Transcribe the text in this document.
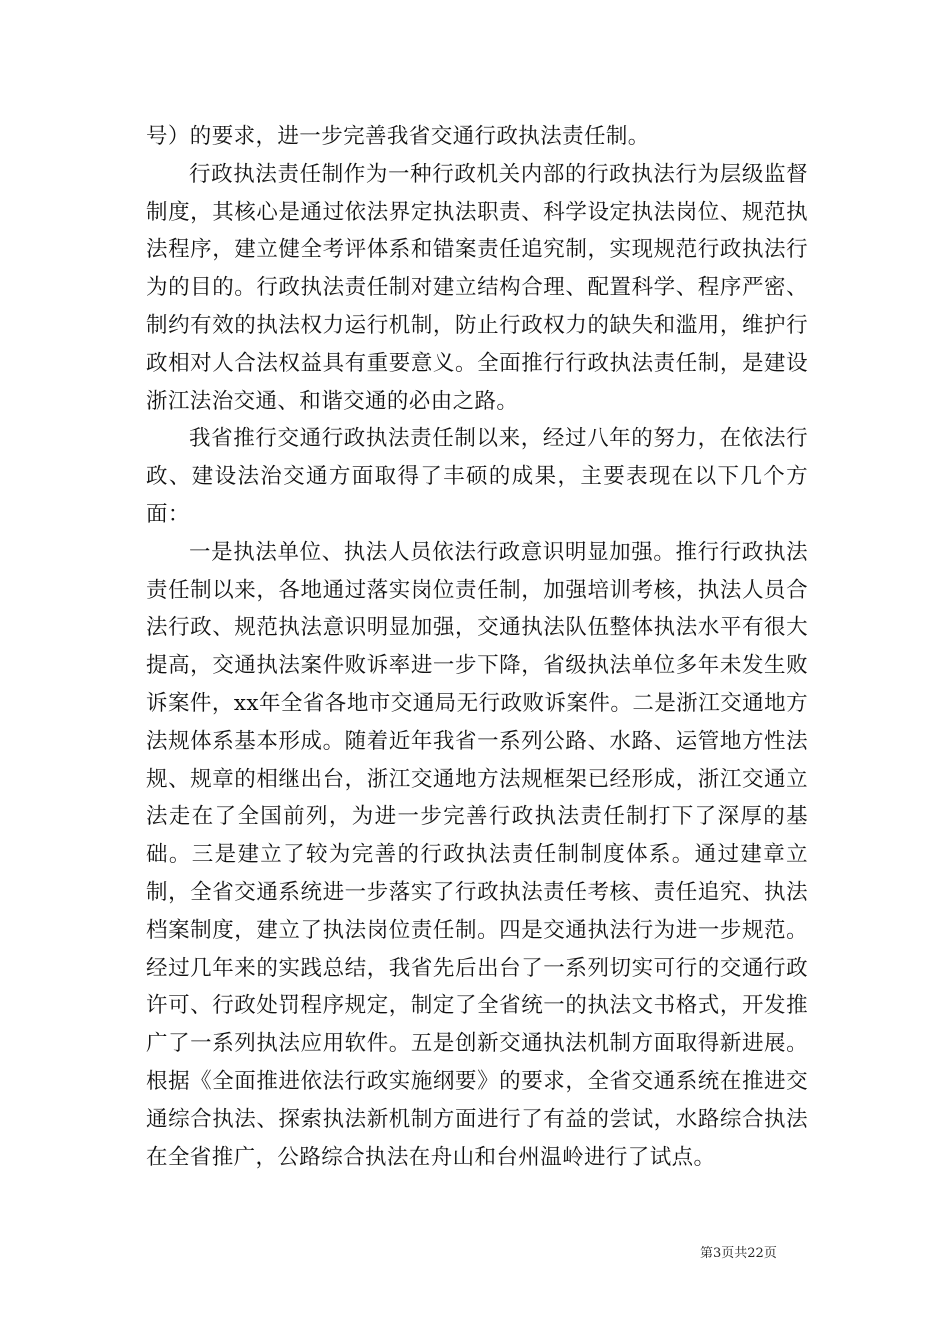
号）的要求，进一步完善我省交通行政执法责任制。

行政执法责任制作为一种行政机关内部的行政执法行为层级监督制度，其核心是通过依法界定执法职责、科学设定执法岗位、规范执法程序，建立健全考评体系和错案责任追究制，实现规范行政执法行为的目的。行政执法责任制对建立结构合理、配置科学、程序严密、制约有效的执法权力运行机制，防止行政权力的缺失和滥用，维护行政相对人合法权益具有重要意义。全面推行行政执法责任制，是建设浙江法治交通、和谐交通的必由之路。

我省推行交通行政执法责任制以来，经过八年的努力，在依法行政、建设法治交通方面取得了丰硕的成果，主要表现在以下几个方面：

一是执法单位、执法人员依法行政意识明显加强。推行行政执法责任制以来，各地通过落实岗位责任制，加强培训考核，执法人员合法行政、规范执法意识明显加强，交通执法队伍整体执法水平有很大提高，交通执法案件败诉率进一步下降，省级执法单位多年未发生败诉案件，xx年全省各地市交通局无行政败诉案件。二是浙江交通地方法规体系基本形成。随着近年我省一系列公路、水路、运管地方性法规、规章的相继出台，浙江交通地方法规框架已经形成，浙江交通立法走在了全国前列，为进一步完善行政执法责任制打下了深厚的基础。三是建立了较为完善的行政执法责任制制度体系。通过建章立制，全省交通系统进一步落实了行政执法责任考核、责任追究、执法档案制度，建立了执法岗位责任制。四是交通执法行为进一步规范。经过几年来的实践总结，我省先后出台了一系列切实可行的交通行政许可、行政处罚程序规定，制定了全省统一的执法文书格式，开发推广了一系列执法应用软件。五是创新交通执法机制方面取得新进展。根据《全面推进依法行政实施纲要》的要求，全省交通系统在推进交通综合执法、探索执法新机制方面进行了有益的尝试，水路综合执法在全省推广，公路综合执法在舟山和台州温岭进行了试点。

第3页共22页
